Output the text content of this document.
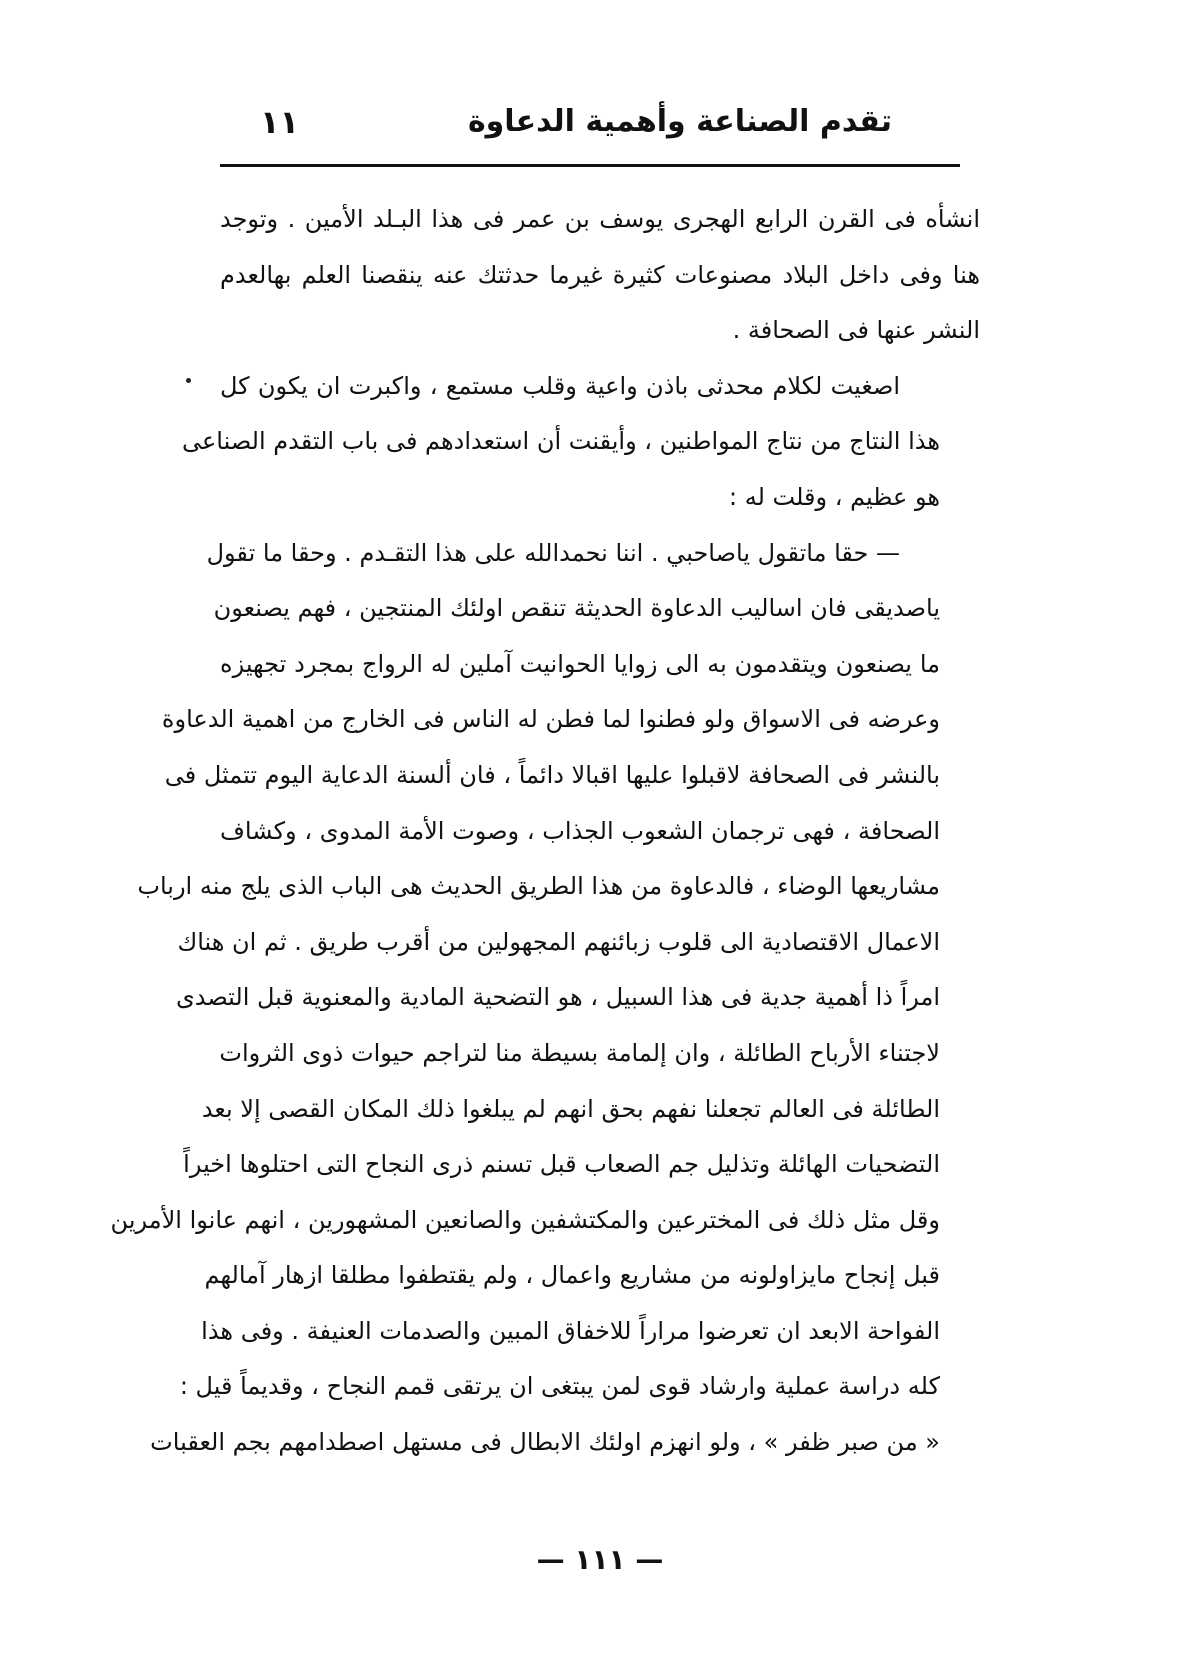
تقدم الصناعة وأهمية الدعاوة
١١

انشأه فى القرن الرابع الهجرى يوسف بن عمر فى هذا البـلد الأمين . وتوجد
هنا وفى داخل البلاد مصنوعات كثيرة غيرما حدثتك عنه ينقصنا العلم بهالعدم
النشر عنها فى الصحافة .

اصغيت لكلام محدثى باذن واعية وقلب مستمع ، واكبرت ان يكون كل
هذا النتاج من نتاج المواطنين ، وأيقنت أن استعدادهم فى باب التقدم الصناعى
هو عظيم ، وقلت له :

— حقا ماتقول ياصاحبي . اننا نحمدالله على هذا التقـدم . وحقا ما تقول
ياصديقى فان اساليب الدعاوة الحديثة تنقص اولئك المنتجين ، فهم يصنعون
ما يصنعون ويتقدمون به الى زوايا الحوانيت آملين له الرواج بمجرد تجهيزه
وعرضه فى الاسواق ولو فطنوا لما فطن له الناس فى الخارج من اهمية الدعاوة
بالنشر فى الصحافة لاقبلوا عليها اقبالا دائماً ، فان ألسنة الدعاية اليوم تتمثل فى
الصحافة ، فهى ترجمان الشعوب الجذاب ، وصوت الأمة المدوى ، وكشاف
مشاريعها الوضاء ، فالدعاوة من هذا الطريق الحديث هى الباب الذى يلج منه ارباب
الاعمال الاقتصادية الى قلوب زبائنهم المجهولين من أقرب طريق . ثم ان هناك
امراً ذا أهمية جدية فى هذا السبيل ، هو التضحية المادية والمعنوية قبل التصدى
لاجتناء الأرباح الطائلة ، وان إلمامة بسيطة منا لتراجم حيوات ذوى الثروات
الطائلة فى العالم تجعلنا نفهم بحق انهم لم يبلغوا ذلك المكان القصى إلا بعد
التضحيات الهائلة وتذليل جم الصعاب قبل تسنم ذرى النجاح التى احتلوها اخيراً
وقل مثل ذلك فى المخترعين والمكتشفين والصانعين المشهورين ، انهم عانوا الأمرين
قبل إنجاح مايزاولونه من مشاريع واعمال ، ولم يقتطفوا مطلقا ازهار آمالهم
الفواحة الابعد ان تعرضوا مراراً للاخفاق المبين والصدمات العنيفة . وفى هذا
كله دراسة عملية وارشاد قوى لمن يبتغى ان يرتقى قمم النجاح ، وقديماً قيل :
« من صبر ظفر » ، ولو انهزم اولئك الابطال فى مستهل اصطدامهم بجم العقبات

— ١١١ —
